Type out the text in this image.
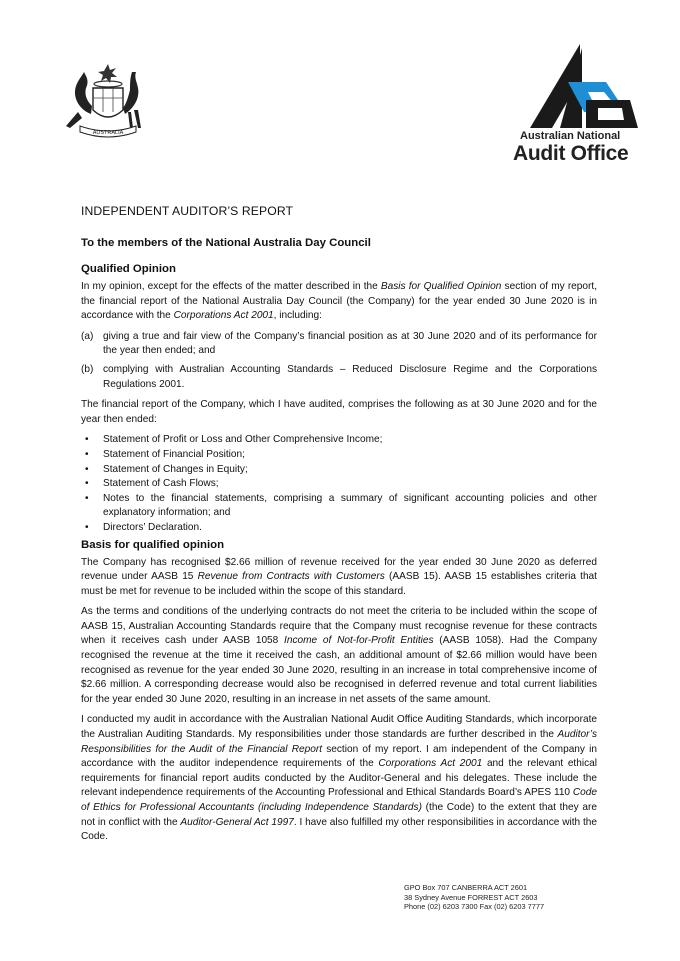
AUSTRALIA	Australian National
Audit Office
INDEPENDENT AUDITOR’S REPORT
To the members of the National Australia Day Council
Qualified Opinion

In my opinion, except for the effects of the matter described in the Basis for Qualified Opinion section of my report, the financial report of the National Australia Day Council (the Company) for the year ended 30 June 2020 is in accordance with the Corporations Act 2001, including:

(a) giving a true and fair view of the Company’s financial position as at 30 June 2020 and of its performance for the year then ended; and
(b) complying with Australian Accounting Standards – Reduced Disclosure Regime and the Corporations Regulations 2001.

The financial report of the Company, which I have audited, comprises the following as at 30 June 2020 and for the year then ended:

• Statement of Profit or Loss and Other Comprehensive Income;
• Statement of Financial Position;
• Statement of Changes in Equity;
• Statement of Cash Flows;
• Notes to the financial statements, comprising a summary of significant accounting policies and other explanatory information; and
• Directors’ Declaration.
Basis for qualified opinion

The Company has recognised $2.66 million of revenue received for the year ended 30 June 2020 as deferred revenue under AASB 15 Revenue from Contracts with Customers (AASB 15). AASB 15 establishes criteria that must be met for revenue to be included within the scope of this standard.

As the terms and conditions of the underlying contracts do not meet the criteria to be included within the scope of AASB 15, Australian Accounting Standards require that the Company must recognise revenue for these contracts when it receives cash under AASB 1058 Income of Not-for-Profit Entities (AASB 1058). Had the Company recognised the revenue at the time it received the cash, an additional amount of $2.66 million would have been recognised as revenue for the year ended 30 June 2020, resulting in an increase in total comprehensive income of $2.66 million. A corresponding decrease would also be recognised in deferred revenue and total current liabilities for the year ended 30 June 2020, resulting in an increase in net assets of the same amount.

I conducted my audit in accordance with the Australian National Audit Office Auditing Standards, which incorporate the Australian Auditing Standards. My responsibilities under those standards are further described in the Auditor’s Responsibilities for the Audit of the Financial Report section of my report. I am independent of the Company in accordance with the auditor independence requirements of the Corporations Act 2001 and the relevant ethical requirements for financial report audits conducted by the Auditor-General and his delegates. These include the relevant independence requirements of the Accounting Professional and Ethical Standards Board’s APES 110 Code of Ethics for Professional Accountants (including Independence Standards) (the Code) to the extent that they are not in conflict with the Auditor-General Act 1997. I have also fulfilled my other responsibilities in accordance with the Code.

GPO Box 707 CANBERRA ACT 2601
38 Sydney Avenue FORREST ACT 2603
Phone (02) 6203 7300 Fax (02) 6203 7777
